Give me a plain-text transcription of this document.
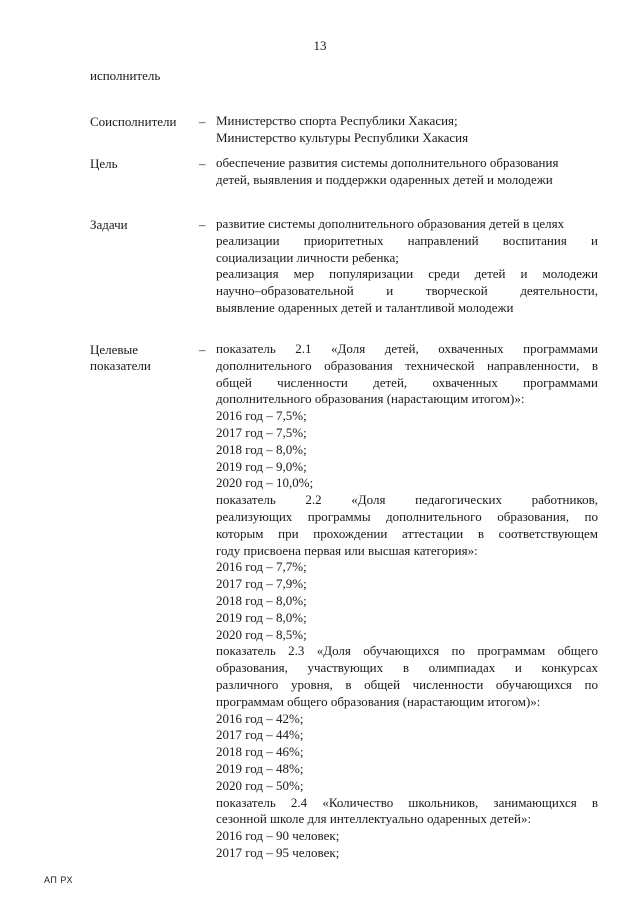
13
исполнитель
Соисполнители – Министерство спорта Республики Хакасия;
Министерство культуры Республики Хакасия
Цель	– обеспечение развития системы дополнительного образования
детей, выявления и поддержки одаренных детей и молодежи
Задачи	– развитие системы дополнительного образования детей в целях
реализации приоритетных направлений воспитания и
социализации личности ребенка;
реализация мер популяризации среди детей и молодежи
научно–образовательной и творческой деятельности,
выявление одаренных детей и талантливой молодежи
Целевые
показатели
– показатель 2.1 «Доля детей, охваченных программами
дополнительного образования технической направленности, в
общей численности детей, охваченных программами
дополнительного образования (нарастающим итогом)»:
2016 год – 7,5%;
2017 год – 7,5%;
2018 год – 8,0%;
2019 год – 9,0%;
2020 год – 10,0%;
показатель 2.2 «Доля педагогических работников,
реализующих программы дополнительного образования, по
которым при прохождении аттестации в соответствующем
году присвоена первая или высшая категория»:
2016 год – 7,7%;
2017 год – 7,9%;
2018 год – 8,0%;
2019 год – 8,0%;
2020 год – 8,5%;
показатель 2.3 «Доля обучающихся по программам общего
образования, участвующих в олимпиадах и конкурсах
различного уровня, в общей численности обучающихся по
программам общего образования (нарастающим итогом)»:
2016 год – 42%;
2017 год – 44%;
2018 год – 46%;
2019 год – 48%;
2020 год – 50%;
показатель 2.4 «Количество школьников, занимающихся в
сезонной школе для интеллектуально одаренных детей»:
2016 год – 90 человек;
2017 год – 95 человек;
АП РХ
